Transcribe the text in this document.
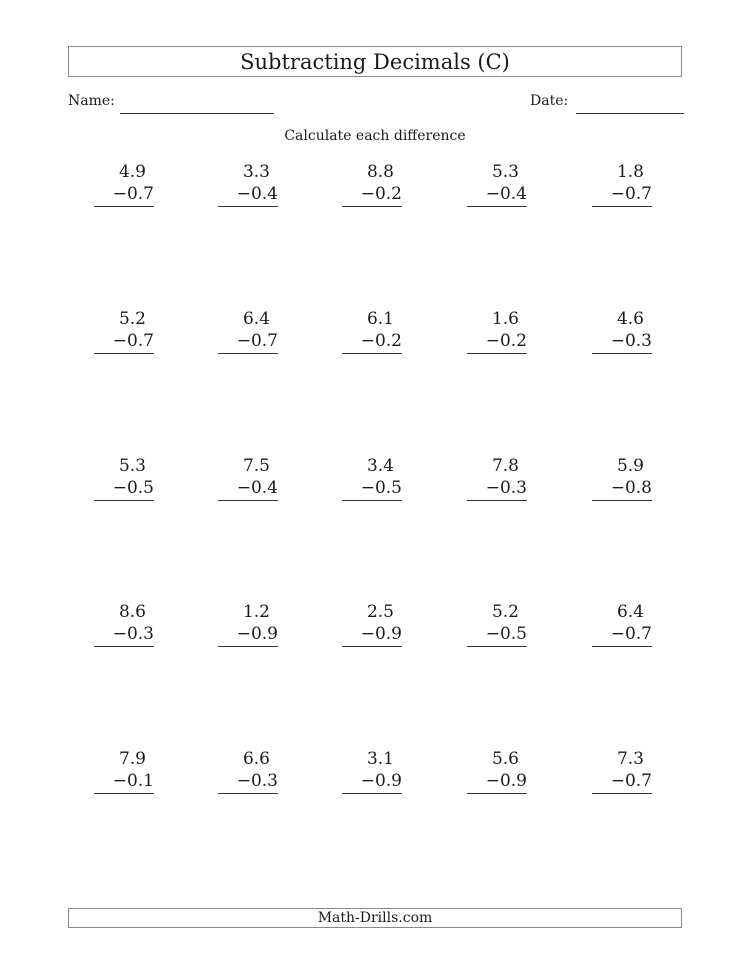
Subtracting Decimals (C)
Name:	Date:
Calculate each difference
4.9
−0.7
3.3
−0.4
8.8
−0.2
5.3
−0.4
1.8
−0.7
5.2
−0.7
6.4
−0.7
6.1
−0.2
1.6
−0.2
4.6
−0.3
5.3
−0.5
7.5
−0.4
3.4
−0.5
7.8
−0.3
5.9
−0.8
8.6
−0.3
1.2
−0.9
2.5
−0.9
5.2
−0.5
6.4
−0.7
7.9
−0.1
6.6
−0.3
3.1
−0.9
5.6
−0.9
7.3
−0.7
Math-Drills.com
